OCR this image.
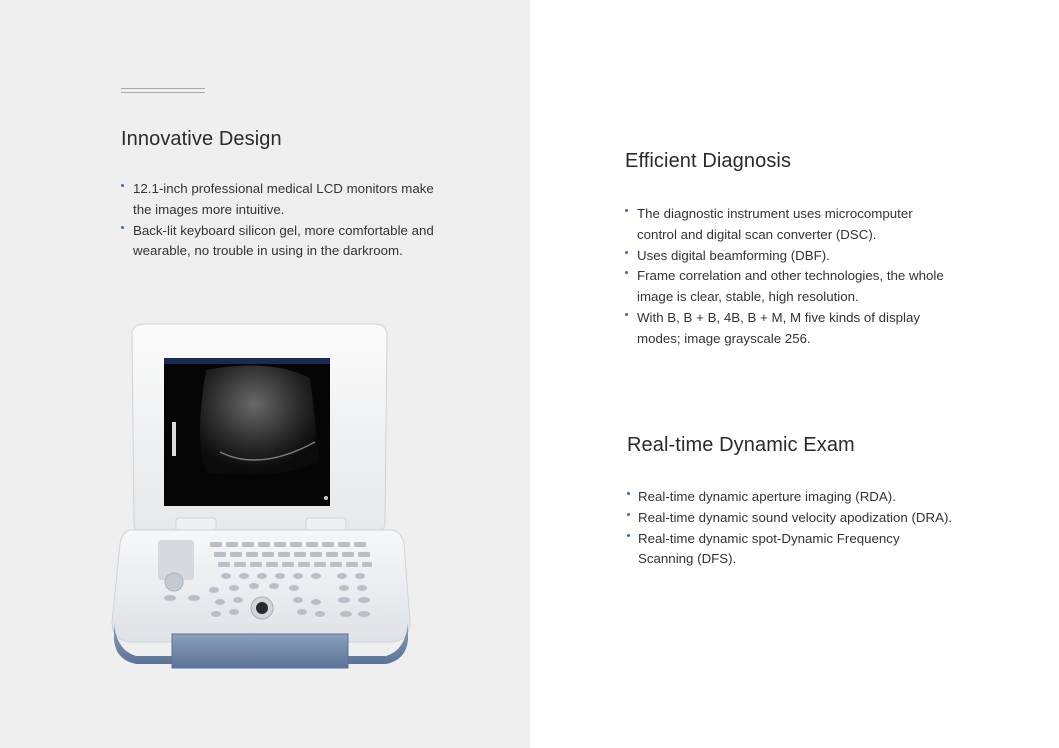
Innovative Design
12.1-inch professional medical LCD monitors make the images more intuitive.
Back-lit keyboard silicon gel, more comfortable and wearable, no trouble in using in the darkroom.
Efficient Diagnosis
The diagnostic instrument uses microcomputer control and digital scan converter (DSC).
Uses digital beamforming (DBF).
Frame correlation and other technologies, the whole image is clear, stable, high resolution.
With B, B + B, 4B, B + M, M five kinds of display modes; image grayscale 256.
Real-time Dynamic Exam
Real-time dynamic aperture imaging (RDA).
Real-time dynamic sound velocity apodization (DRA).
Real-time dynamic spot-Dynamic Frequency Scanning (DFS).
